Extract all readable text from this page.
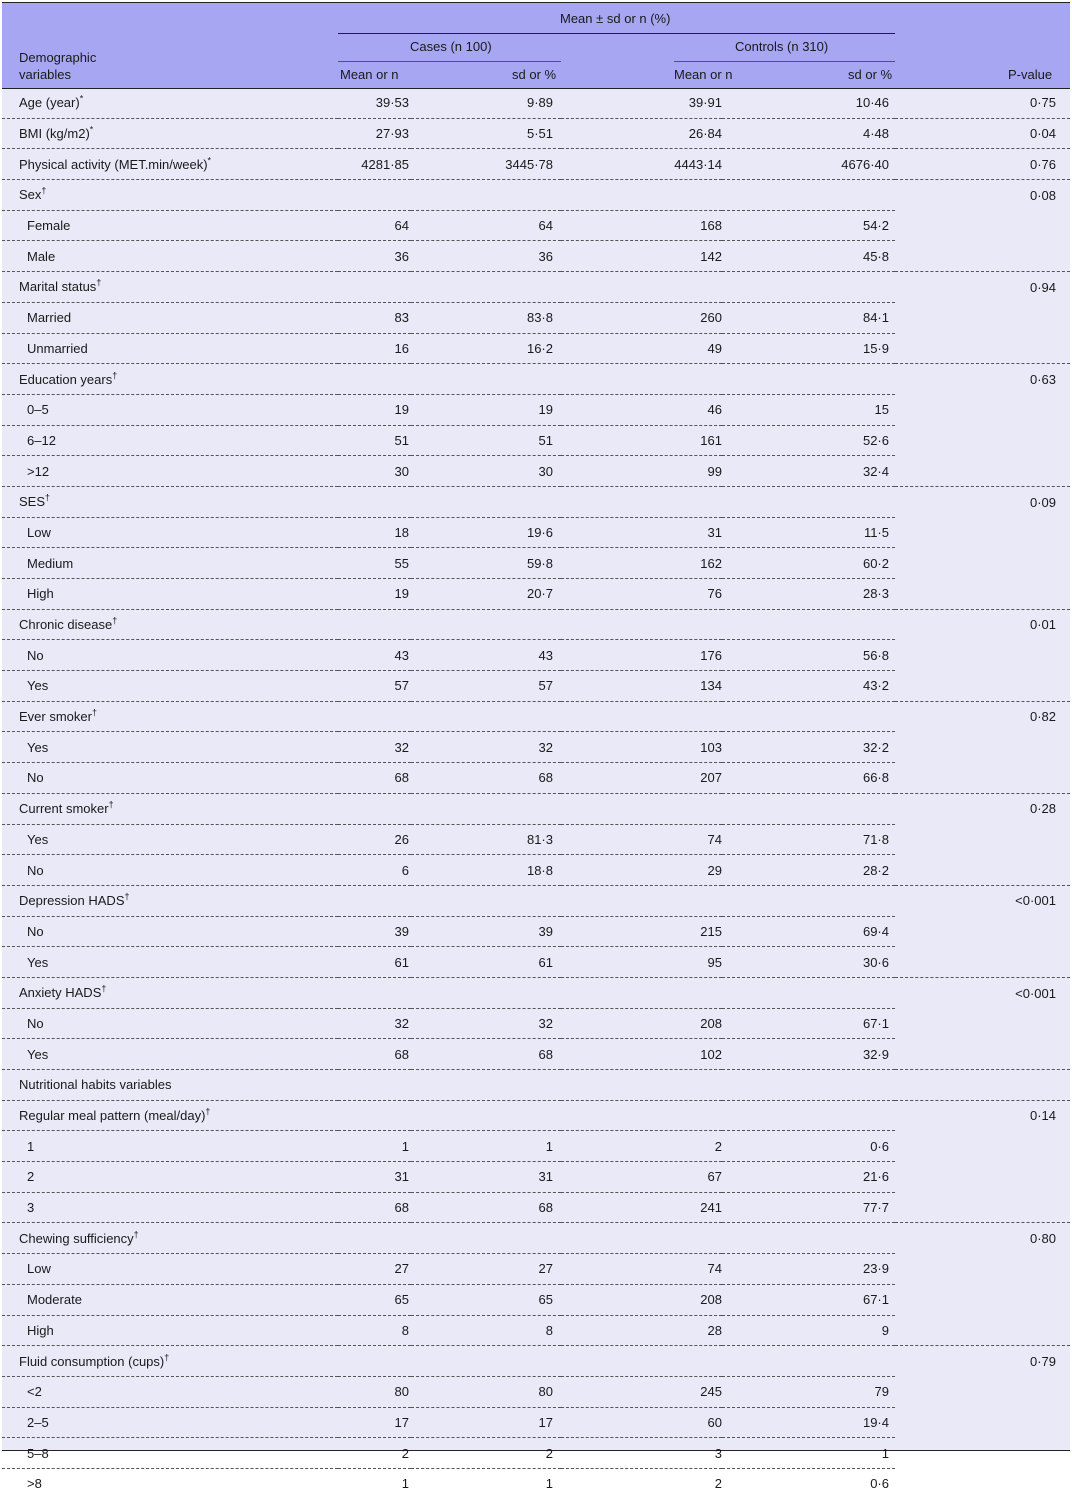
Mean ± sd or n (%)
Demographic
variables
Cases (n 100)	Controls (n 310)
Mean or n	sd or %	Mean or n	sd or %	P-value
Age (year)*	39·53	9·89	39·91	10·46	0·75
BMI (kg/m2)*	27·93	5·51	26·84	4·48	0·04
Physical activity (MET.min/week)*	4281·85	3445·78	4443·14	4676·40	0·76
Sex†					0·08
Female	64	64	168	54·2	
Male	36	36	142	45·8	
Marital status†					0·94
Married	83	83·8	260	84·1	
Unmarried	16	16·2	49	15·9	
Education years†					0·63
0–5	19	19	46	15	
6–12	51	51	161	52·6	
>12	30	30	99	32·4	
SES†					0·09
Low	18	19·6	31	11·5	
Medium	55	59·8	162	60·2	
High	19	20·7	76	28·3	
Chronic disease†					0·01
No	43	43	176	56·8	
Yes	57	57	134	43·2	
Ever smoker†					0·82
Yes	32	32	103	32·2	
No	68	68	207	66·8	
Current smoker†					0·28
Yes	26	81·3	74	71·8	
No	6	18·8	29	28·2	
Depression HADS†					<0·001
No	39	39	215	69·4	
Yes	61	61	95	30·6	
Anxiety HADS†					<0·001
No	32	32	208	67·1	
Yes	68	68	102	32·9	
Nutritional habits variables					
Regular meal pattern (meal/day)†					0·14
1	1	1	2	0·6	
2	31	31	67	21·6	
3	68	68	241	77·7	
Chewing sufficiency†					0·80
Low	27	27	74	23·9	
Moderate	65	65	208	67·1	
High	8	8	28	9	
Fluid consumption (cups)†					0·79
<2	80	80	245	79	
2–5	17	17	60	19·4	
5–8	2	2	3	1	
>8	1	1	2	0·6	
